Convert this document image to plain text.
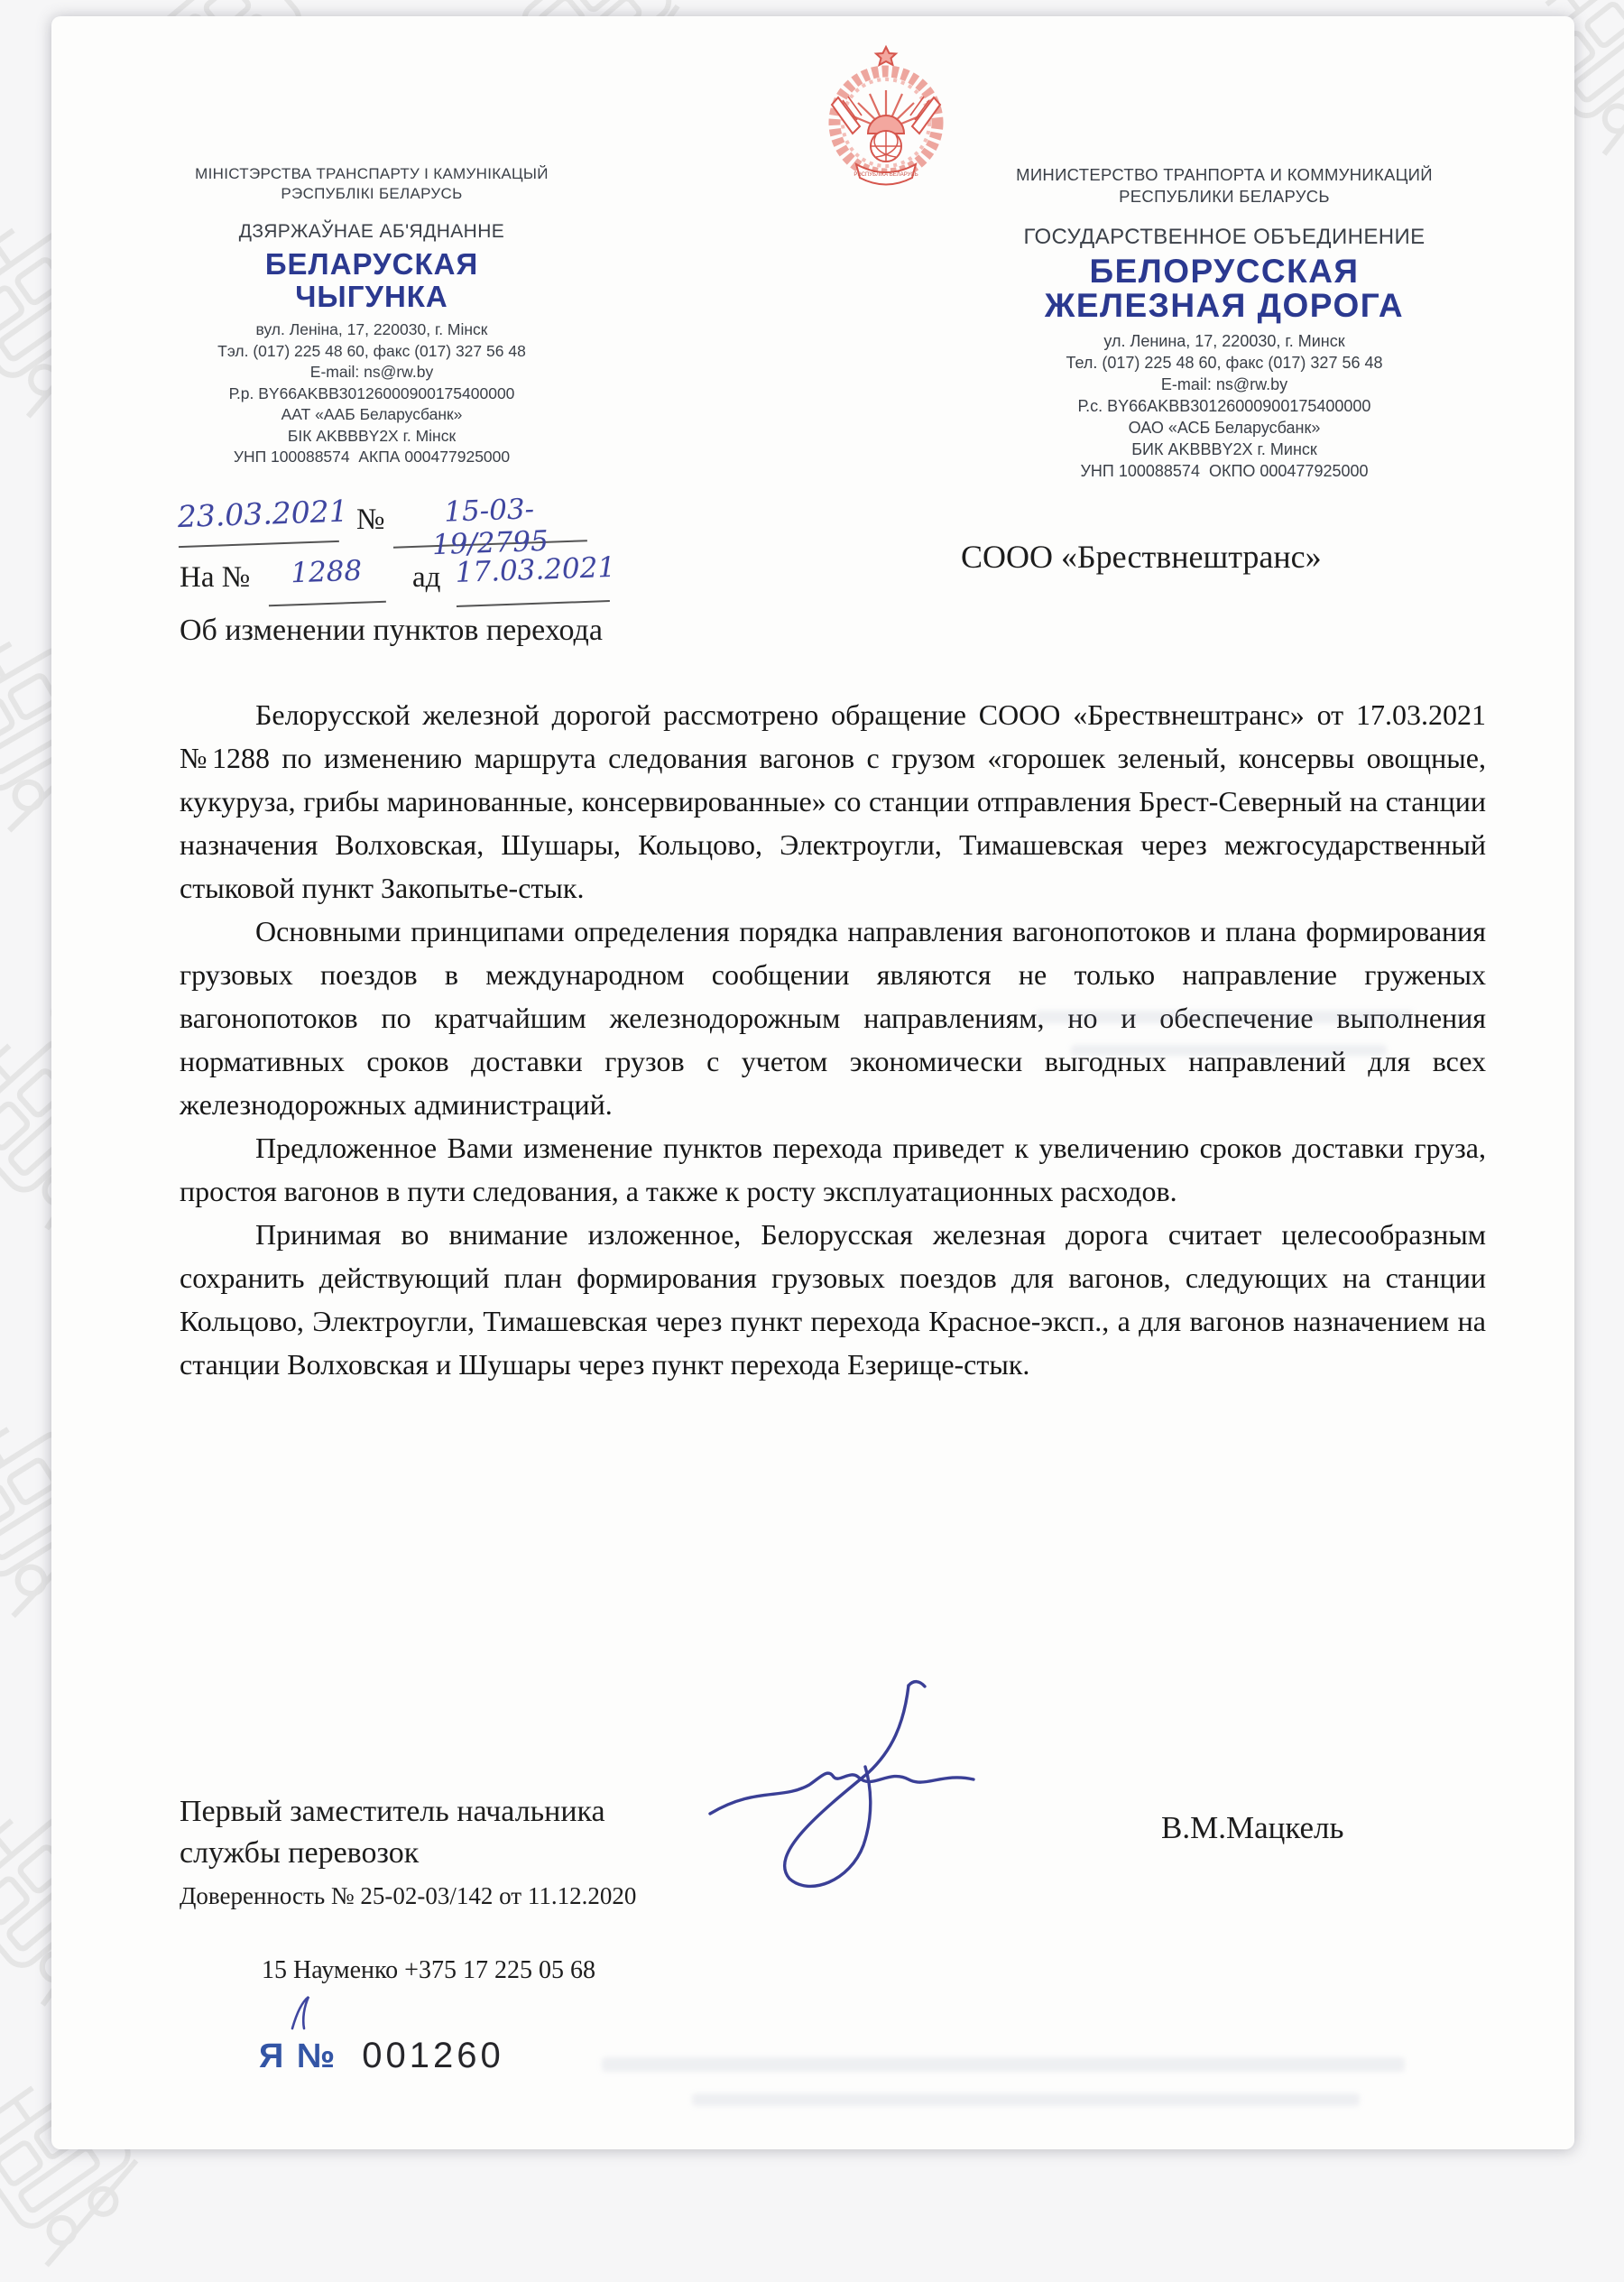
РЭСПУБЛІКА БЕЛАРУСЬ
МІНІСТЭРСТВА ТРАНСПАРТУ І КАМУНІКАЦЫЙ
РЭСПУБЛІКІ БЕЛАРУСЬ
ДЗЯРЖАЎНАЕ АБ'ЯДНАННЕ
БЕЛАРУСКАЯ
ЧЫГУНКА
вул. Леніна, 17, 220030, г. Мінск
Тэл. (017) 225 48 60, факс (017) 327 56 48
E-mail: ns@rw.by
Р.р. BY66AKBB30126000900175400000
ААТ «ААБ Беларусбанк»
БІК AKBBBY2X г. Мінск
УНП 100088574  АКПА 000477925000
МИНИСТЕРСТВО ТРАНПОРТА И КОММУНИКАЦИЙ
РЕСПУБЛИКИ БЕЛАРУСЬ
ГОСУДАРСТВЕННОЕ ОБЪЕДИНЕНИЕ
БЕЛОРУССКАЯ
ЖЕЛЕЗНАЯ ДОРОГА
ул. Ленина, 17, 220030, г. Минск
Тел. (017) 225 48 60, факс (017) 327 56 48
E-mail: ns@rw.by
Р.с. BY66AKBB30126000900175400000
ОАО «АСБ Беларусбанк»
БИК AKBBBY2X г. Минск
УНП 100088574  ОКПО 000477925000
23.03.2021 №	15-03-19/2795
На №	1288	ад 17.03.2021	СООО «Брествнештранс»
Об изменении пунктов перехода

Белорусской железной дорогой рассмотрено обращение СООО «Брествнештранс» от 17.03.2021 №1288 по изменению маршрута следования вагонов с грузом «горошек зеленый, консервы овощные, кукуруза, грибы маринованные, консервированные» со станции отправления Брест-Северный на станции назначения Волховская, Шушары, Кольцово, Электроугли, Тимашевская через межгосударственный стыковой пункт Закопытье-стык.

Основными принципами определения порядка направления вагонопотоков и плана формирования грузовых поездов в международном сообщении являются не только направление груженых вагонопотоков по кратчайшим железнодорожным направлениям, но и обеспечение выполнения нормативных сроков доставки грузов с учетом экономически выгодных направлений для всех железнодорожных администраций.

Предложенное Вами изменение пунктов перехода приведет к увеличению сроков доставки груза, простоя вагонов в пути следования, а также к росту эксплуатационных расходов.

Принимая во внимание изложенное, Белорусская железная дорога считает целесообразным сохранить действующий план формирования грузовых поездов для вагонов, следующих на станции Кольцово, Электроугли, Тимашевская через пункт перехода Красное-эксп., а для вагонов назначением на станции Волховская и Шушары через пункт перехода Езерище-стык.

Первый заместитель начальника
службы перевозок
Доверенность № 25-02-03/142 от 11.12.2020
В.М.Мацкель
15 Науменко +375 17 225 05 68
Я № 001260
